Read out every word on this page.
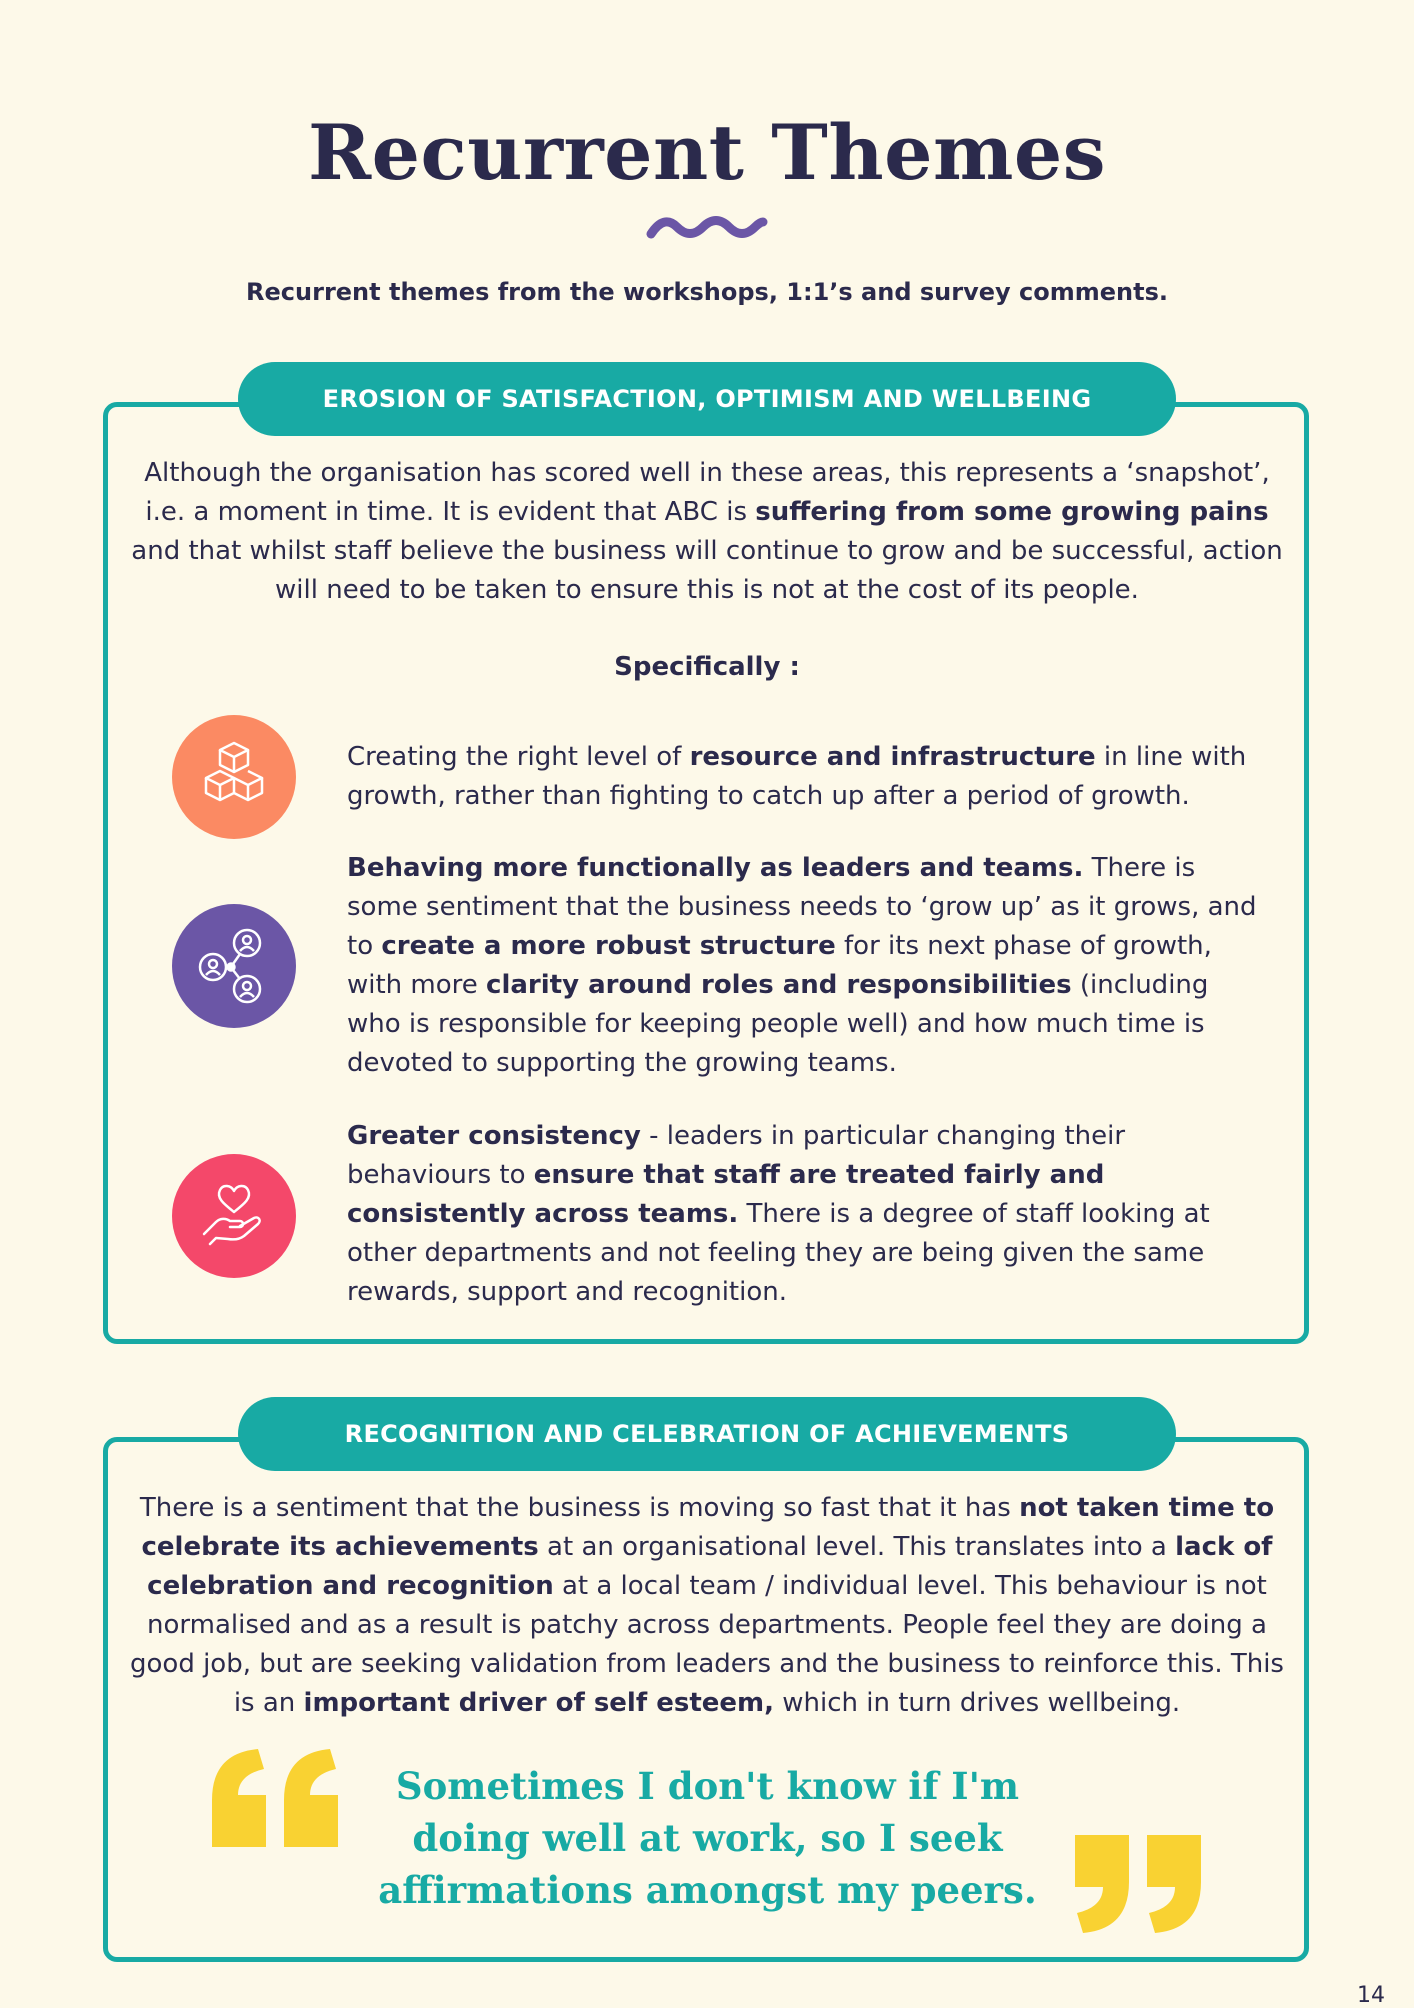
Recurrent Themes
Recurrent themes from the workshops, 1:1’s and survey comments.
EROSION OF SATISFACTION, OPTIMISM AND WELLBEING

Although the organisation has scored well in these areas, this represents a ‘snapshot’, i.e. a moment in time. It is evident that ABC is suffering from some growing pains and that whilst staff believe the business will continue to grow and be successful, action will need to be taken to ensure this is not at the cost of its people.

Specifically :

Creating the right level of resource and infrastructure in line with growth, rather than fighting to catch up after a period of growth.

Behaving more functionally as leaders and teams. There is some sentiment that the business needs to ‘grow up’ as it grows, and to create a more robust structure for its next phase of growth, with more clarity around roles and responsibilities (including who is responsible for keeping people well) and how much time is devoted to supporting the growing teams.

Greater consistency - leaders in particular changing their behaviours to ensure that staff are treated fairly and consistently across teams. There is a degree of staff looking at other departments and not feeling they are being given the same rewards, support and recognition.

RECOGNITION AND CELEBRATION OF ACHIEVEMENTS

There is a sentiment that the business is moving so fast that it has not taken time to celebrate its achievements at an organisational level. This translates into a lack of celebration and recognition at a local team / individual level. This behaviour is not normalised and as a result is patchy across departments. People feel they are doing a good job, but are seeking validation from leaders and the business to reinforce this. This is an important driver of self esteem, which in turn drives wellbeing.

Sometimes I don't know if I'm doing well at work, so I seek affirmations amongst my peers.

14
